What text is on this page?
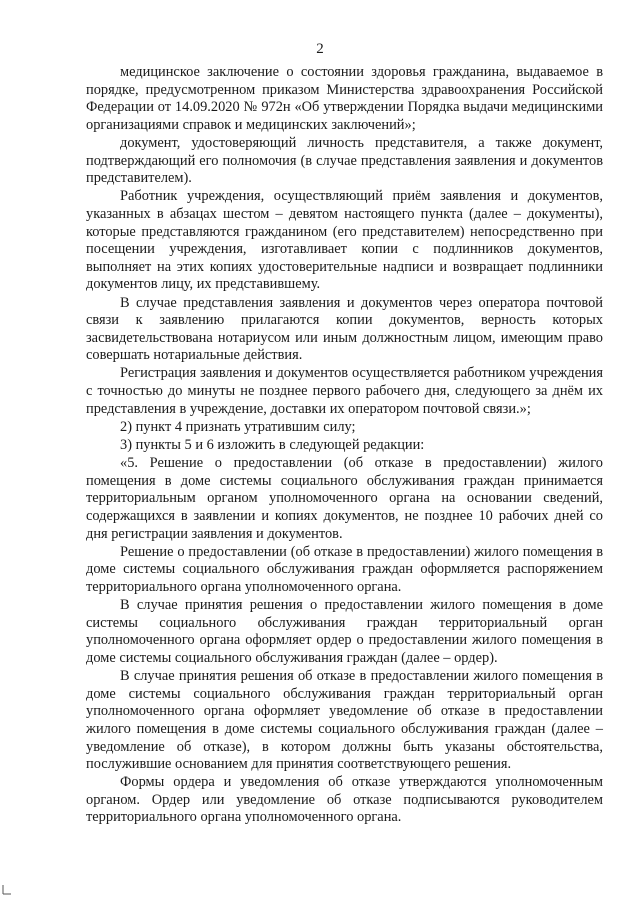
2

медицинское заключение о состоянии здоровья гражданина, выдаваемое в порядке, предусмотренном приказом Министерства здравоохранения Российской Федерации от 14.09.2020 № 972н «Об утверждении Порядка выдачи медицинскими организациями справок и медицинских заключений»;

документ, удостоверяющий личность представителя, а также документ, подтверждающий его полномочия (в случае представления заявления и документов представителем).

Работник учреждения, осуществляющий приём заявления и документов, указанных в абзацах шестом – девятом настоящего пункта (далее – документы), которые представляются гражданином (его представителем) непосредственно при посещении учреждения, изготавливает копии с подлинников документов, выполняет на этих копиях удостоверительные надписи и возвращает подлинники документов лицу, их представившему.

В случае представления заявления и документов через оператора почтовой связи к заявлению прилагаются копии документов, верность которых засвидетельствована нотариусом или иным должностным лицом, имеющим право совершать нотариальные действия.

Регистрация заявления и документов осуществляется работником учреждения с точностью до минуты не позднее первого рабочего дня, следующего за днём их представления в учреждение, доставки их оператором почтовой связи.»;

2) пункт 4 признать утратившим силу;

3) пункты 5 и 6 изложить в следующей редакции:

«5. Решение о предоставлении (об отказе в предоставлении) жилого помещения в доме системы социального обслуживания граждан принимается территориальным органом уполномоченного органа на основании сведений, содержащихся в заявлении и копиях документов, не позднее 10 рабочих дней со дня регистрации заявления и документов.

Решение о предоставлении (об отказе в предоставлении) жилого помещения в доме системы социального обслуживания граждан оформляется распоряжением территориального органа уполномоченного органа.

В случае принятия решения о предоставлении жилого помещения в доме системы социального обслуживания граждан территориальный орган уполномоченного органа оформляет ордер о предоставлении жилого помещения в доме системы социального обслуживания граждан (далее – ордер).

В случае принятия решения об отказе в предоставлении жилого помещения в доме системы социального обслуживания граждан территориальный орган уполномоченного органа оформляет уведомление об отказе в предоставлении жилого помещения в доме системы социального обслуживания граждан (далее – уведомление об отказе), в котором должны быть указаны обстоятельства, послужившие основанием для принятия соответствующего решения.

Формы ордера и уведомления об отказе утверждаются уполномоченным органом. Ордер или уведомление об отказе подписываются руководителем территориального органа уполномоченного органа.
